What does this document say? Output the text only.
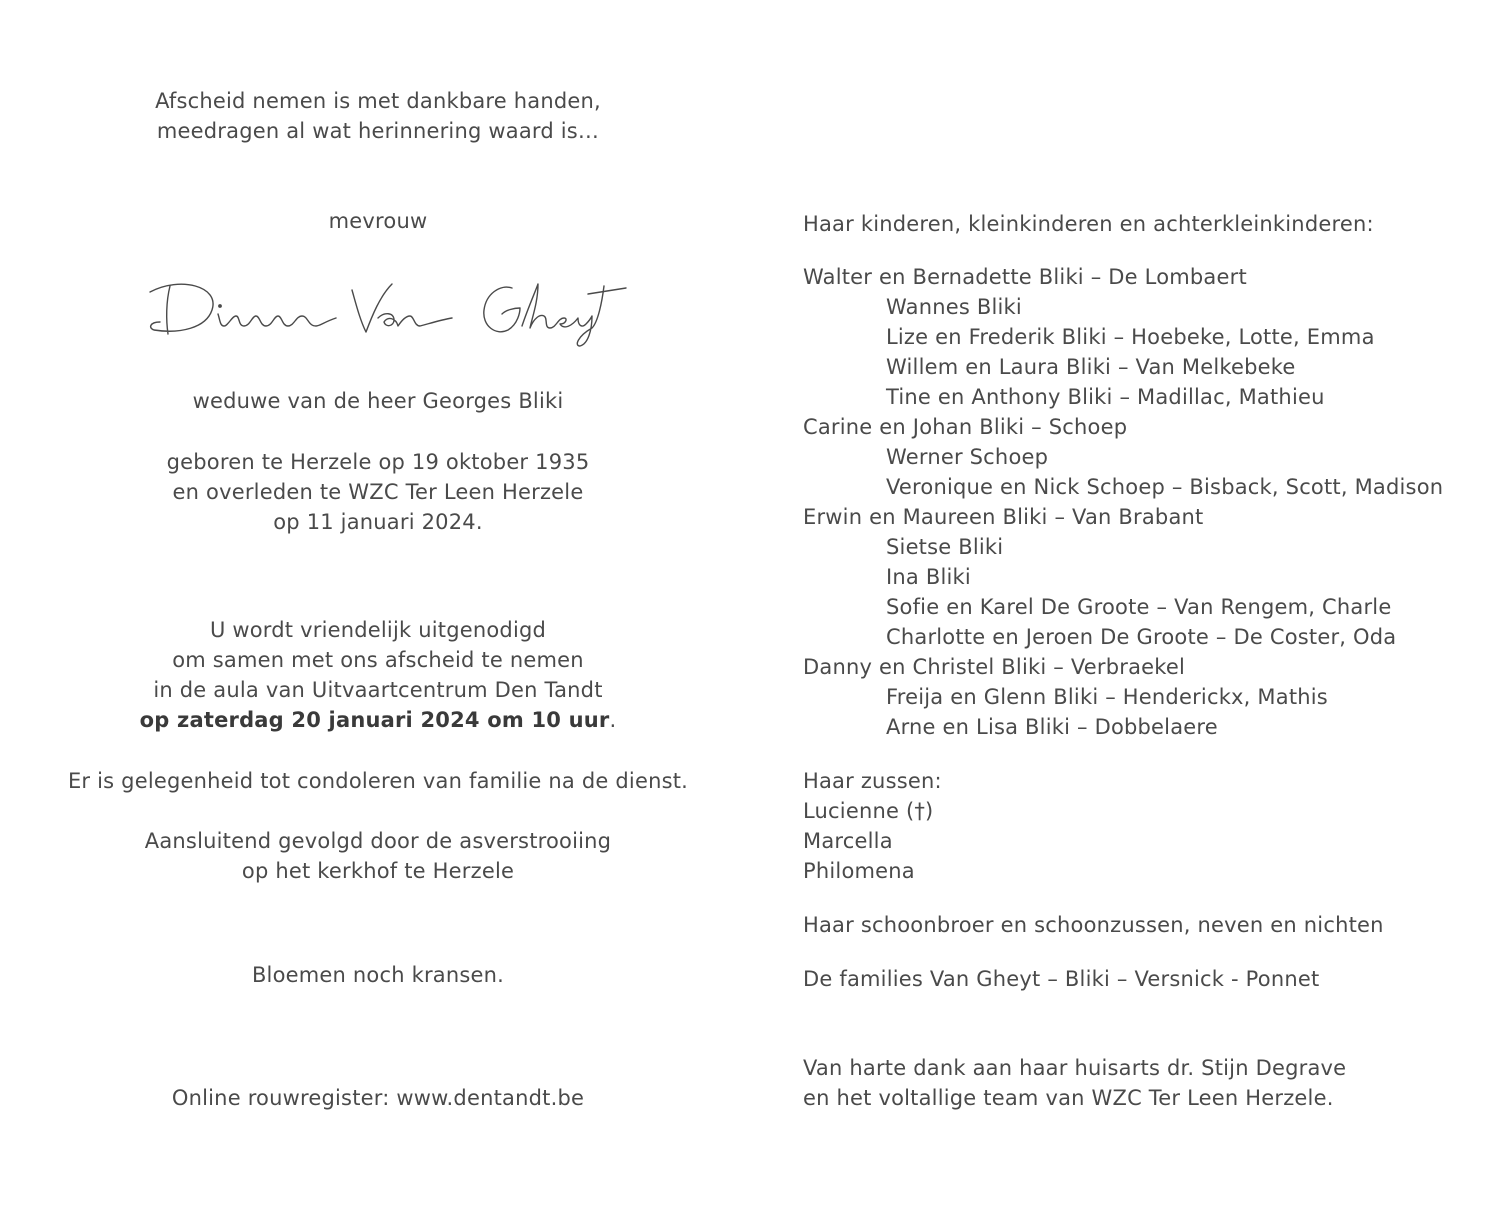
Afscheid nemen is met dankbare handen,
meedragen al wat herinnering waard is…
mevrouw
weduwe van de heer Georges Bliki
geboren te Herzele op 19 oktober 1935
en overleden te WZC Ter Leen Herzele
op 11 januari 2024.
U wordt vriendelijk uitgenodigd
om samen met ons afscheid te nemen
in de aula van Uitvaartcentrum Den Tandt
op zaterdag 20 januari 2024 om 10 uur.
Er is gelegenheid tot condoleren van familie na de dienst.
Aansluitend gevolgd door de asverstrooiing
op het kerkhof te Herzele
Bloemen noch kransen.
Online rouwregister: www.dentandt.be
Haar kinderen, kleinkinderen en achterkleinkinderen:
Walter en Bernadette Bliki – De Lombaert
Wannes Bliki
Lize en Frederik Bliki – Hoebeke, Lotte, Emma
Willem en Laura Bliki – Van Melkebeke
Tine en Anthony Bliki – Madillac, Mathieu
Carine en Johan Bliki – Schoep
Werner Schoep
Veronique en Nick Schoep – Bisback, Scott, Madison
Erwin en Maureen Bliki – Van Brabant
Sietse Bliki
Ina Bliki
Sofie en Karel De Groote – Van Rengem, Charle
Charlotte en Jeroen De Groote – De Coster, Oda
Danny en Christel Bliki – Verbraekel
Freija en Glenn Bliki – Henderickx, Mathis
Arne en Lisa Bliki – Dobbelaere
Haar zussen:
Lucienne (†)
Marcella
Philomena
Haar schoonbroer en schoonzussen, neven en nichten
De families Van Gheyt – Bliki – Versnick - Ponnet
Van harte dank aan haar huisarts dr. Stijn Degrave
en het voltallige team van WZC Ter Leen Herzele.
